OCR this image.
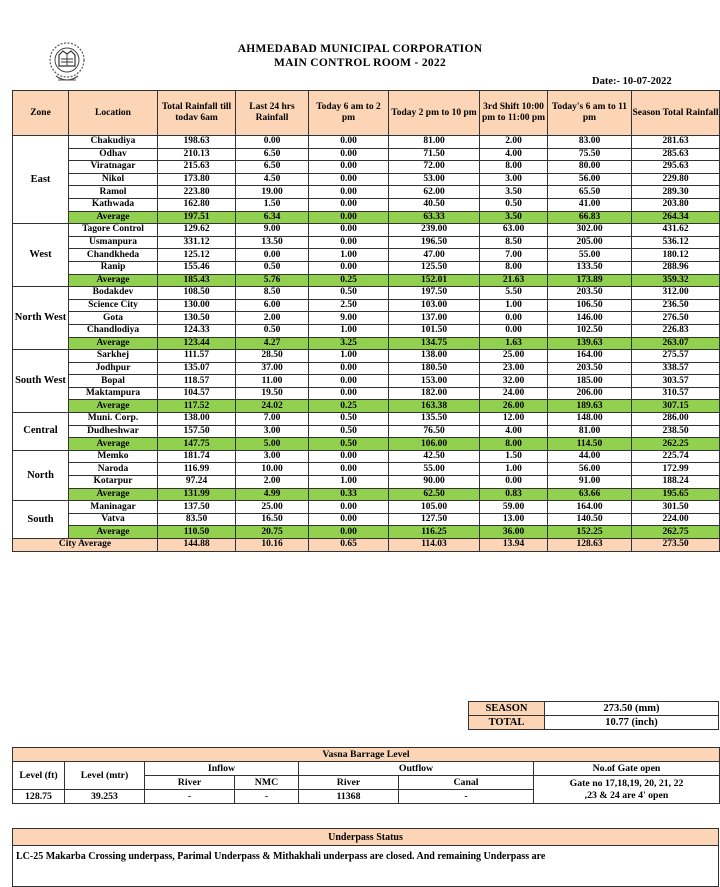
AHMEDABAD MUNICIPAL CORPORATION
MAIN CONTROL ROOM - 2022
Date:- 10-07-2022
Zone	Location	Total Rainfall till todav 6am	Last 24 hrs Rainfall	Today 6 am to 2 pm	Today 2 pm to 10 pm	3rd Shift 10:00 pm to 11:00 pm	Today's 6 am to 11 pm	Season Total Rainfall
East	Chakudiya	198.63	0.00	0.00	81.00	2.00	83.00	281.63
	Odhav	210.13	6.50	0.00	71.50	4.00	75.50	285.63
	Viratnagar	215.63	6.50	0.00	72.00	8.00	80.00	295.63
	Nikol	173.80	4.50	0.00	53.00	3.00	56.00	229.80
	Ramol	223.80	19.00	0.00	62.00	3.50	65.50	289.30
	Kathwada	162.80	1.50	0.00	40.50	0.50	41.00	203.80
	Average	197.51	6.34	0.00	63.33	3.50	66.83	264.34
West	Tagore Control	129.62	9.00	0.00	239.00	63.00	302.00	431.62
	Usmanpura	331.12	13.50	0.00	196.50	8.50	205.00	536.12
	Chandkheda	125.12	0.00	1.00	47.00	7.00	55.00	180.12
	Ranip	155.46	0.50	0.00	125.50	8.00	133.50	288.96
	Average	185.43	5.76	0.25	152.01	21.63	173.89	359.32
North West	Bodakdev	108.50	8.50	0.50	197.50	5.50	203.50	312.00
	Science City	130.00	6.00	2.50	103.00	1.00	106.50	236.50
	Gota	130.50	2.00	9.00	137.00	0.00	146.00	276.50
	Chandlodiya	124.33	0.50	1.00	101.50	0.00	102.50	226.83
	Average	123.44	4.27	3.25	134.75	1.63	139.63	263.07
South West	Sarkhej	111.57	28.50	1.00	138.00	25.00	164.00	275.57
	Jodhpur	135.07	37.00	0.00	180.50	23.00	203.50	338.57
	Bopal	118.57	11.00	0.00	153.00	32.00	185.00	303.57
	Maktampura	104.57	19.50	0.00	182.00	24.00	206.00	310.57
	Average	117.52	24.02	0.25	163.38	26.00	189.63	307.15
Central	Muni. Corp.	138.00	7.00	0.50	135.50	12.00	148.00	286.00
	Dudheshwar	157.50	3.00	0.50	76.50	4.00	81.00	238.50
	Average	147.75	5.00	0.50	106.00	8.00	114.50	262.25
North	Memko	181.74	3.00	0.00	42.50	1.50	44.00	225.74
	Naroda	116.99	10.00	0.00	55.00	1.00	56.00	172.99
	Kotarpur	97.24	2.00	1.00	90.00	0.00	91.00	188.24
	Average	131.99	4.99	0.33	62.50	0.83	63.66	195.65
South	Maninagar	137.50	25.00	0.00	105.00	59.00	164.00	301.50
	Vatva	83.50	16.50	0.00	127.50	13.00	140.50	224.00
	Average	110.50	20.75	0.00	116.25	36.00	152.25	262.75
City Average		144.88	10.16	0.65	114.03	13.94	128.63	273.50
SEASON	273.50 (mm)
TOTAL	10.77 (inch)
Vasna Barrage Level						
Level (ft)	Level (mtr)	Inflow		Outflow		No.of Gate open
		River	NMC	River	Canal	Gate no 17,18,19, 20, 21, 22
,23 & 24 are 4' open

128.75	39.253	-	-	11368	-	
Underpass Status
LC-25 Makarba Crossing underpass, Parimal Underpass & Mithakhali underpass are closed. And remaining Underpass are
